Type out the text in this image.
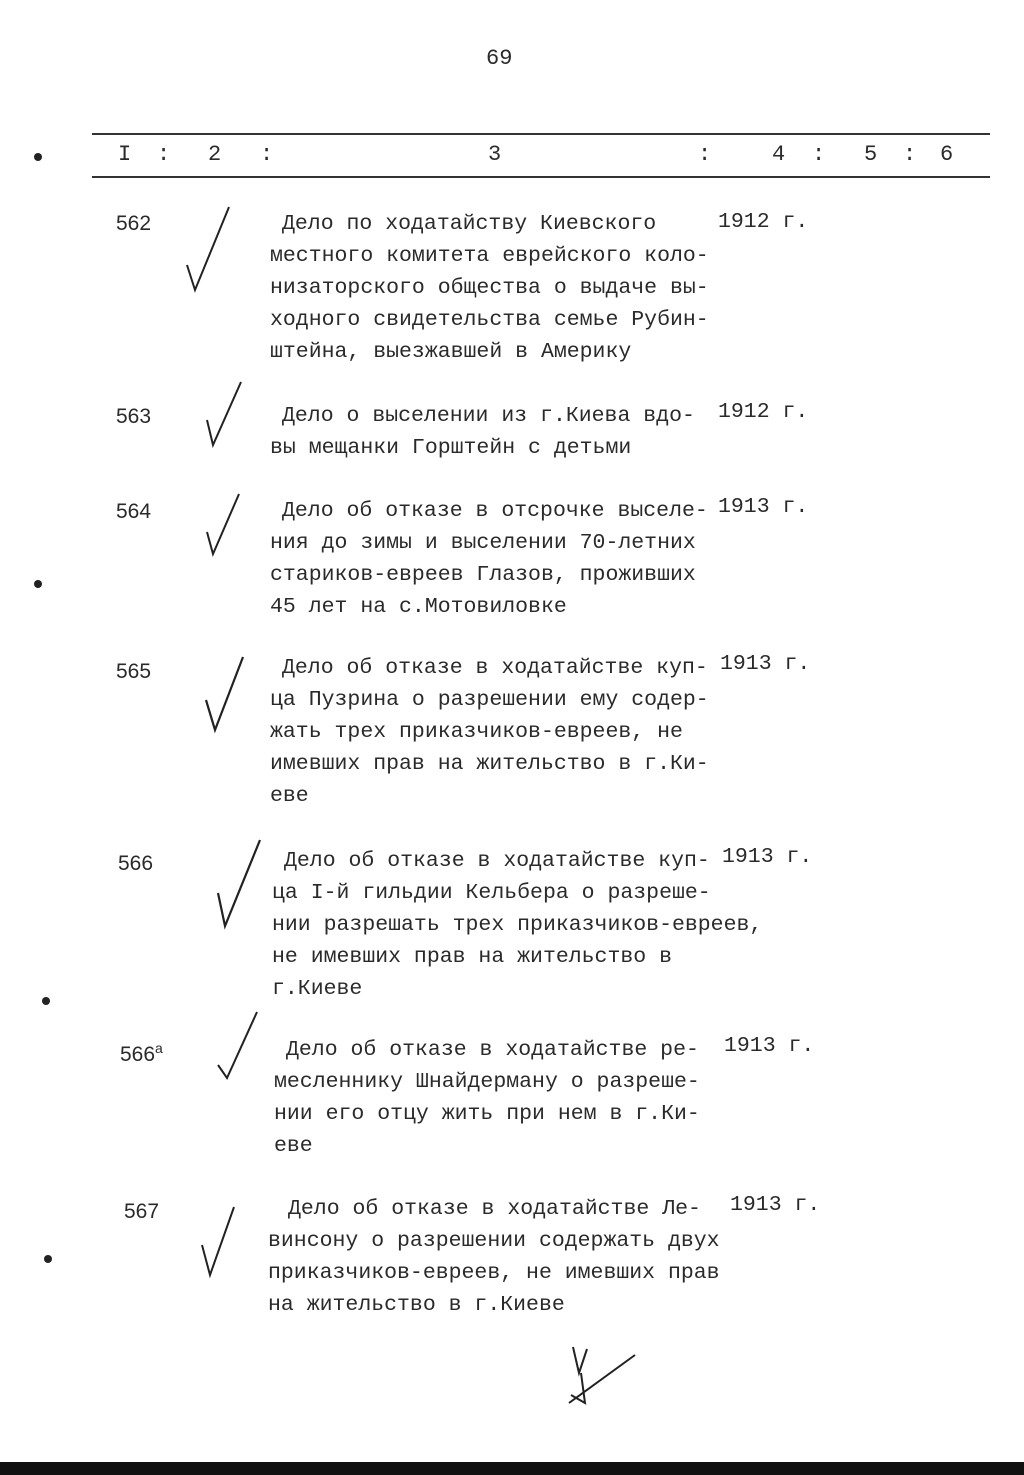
69
I : 2 :	3	:	4 : 5 : 6
562	Дело по ходатайству Киевского
местного комитета еврейского коло-
низаторского общества о выдаче вы-
ходного свидетельства семье Рубин-
штейна, выезжавшей в Америку
1912 г.
563	Дело о выселении из г.Киева вдо-
вы мещанки Горштейн с детьми
1912 г.
564	Дело об отказе в отсрочке выселе-
ния до зимы и выселении 70-летних
стариков-евреев Глазов, проживших
45 лет на с.Мотовиловке
1913 г.
565	Дело об отказе в ходатайстве куп-
ца Пузрина о разрешении ему содер-
жать трех приказчиков-евреев, не
имевших прав на жительство в г.Ки-
еве
1913 г.
566	Дело об отказе в ходатайстве куп-
ца I-й гильдии Кельбера о разреше-
нии разрешать трех приказчиков-евреев,
не имевших прав на жительство в
г.Киеве
1913 г.
$566^а$	Дело об отказе в ходатайстве ре-
месленнику Шнайдерману о разреше-
нии его отцу жить при нем в г.Ки-
еве
1913 г.
567	Дело об отказе в ходатайстве Ле-
винсону о разрешении содержать двух
приказчиков-евреев, не имевших прав
на жительство в г.Киеве
1913 г.
